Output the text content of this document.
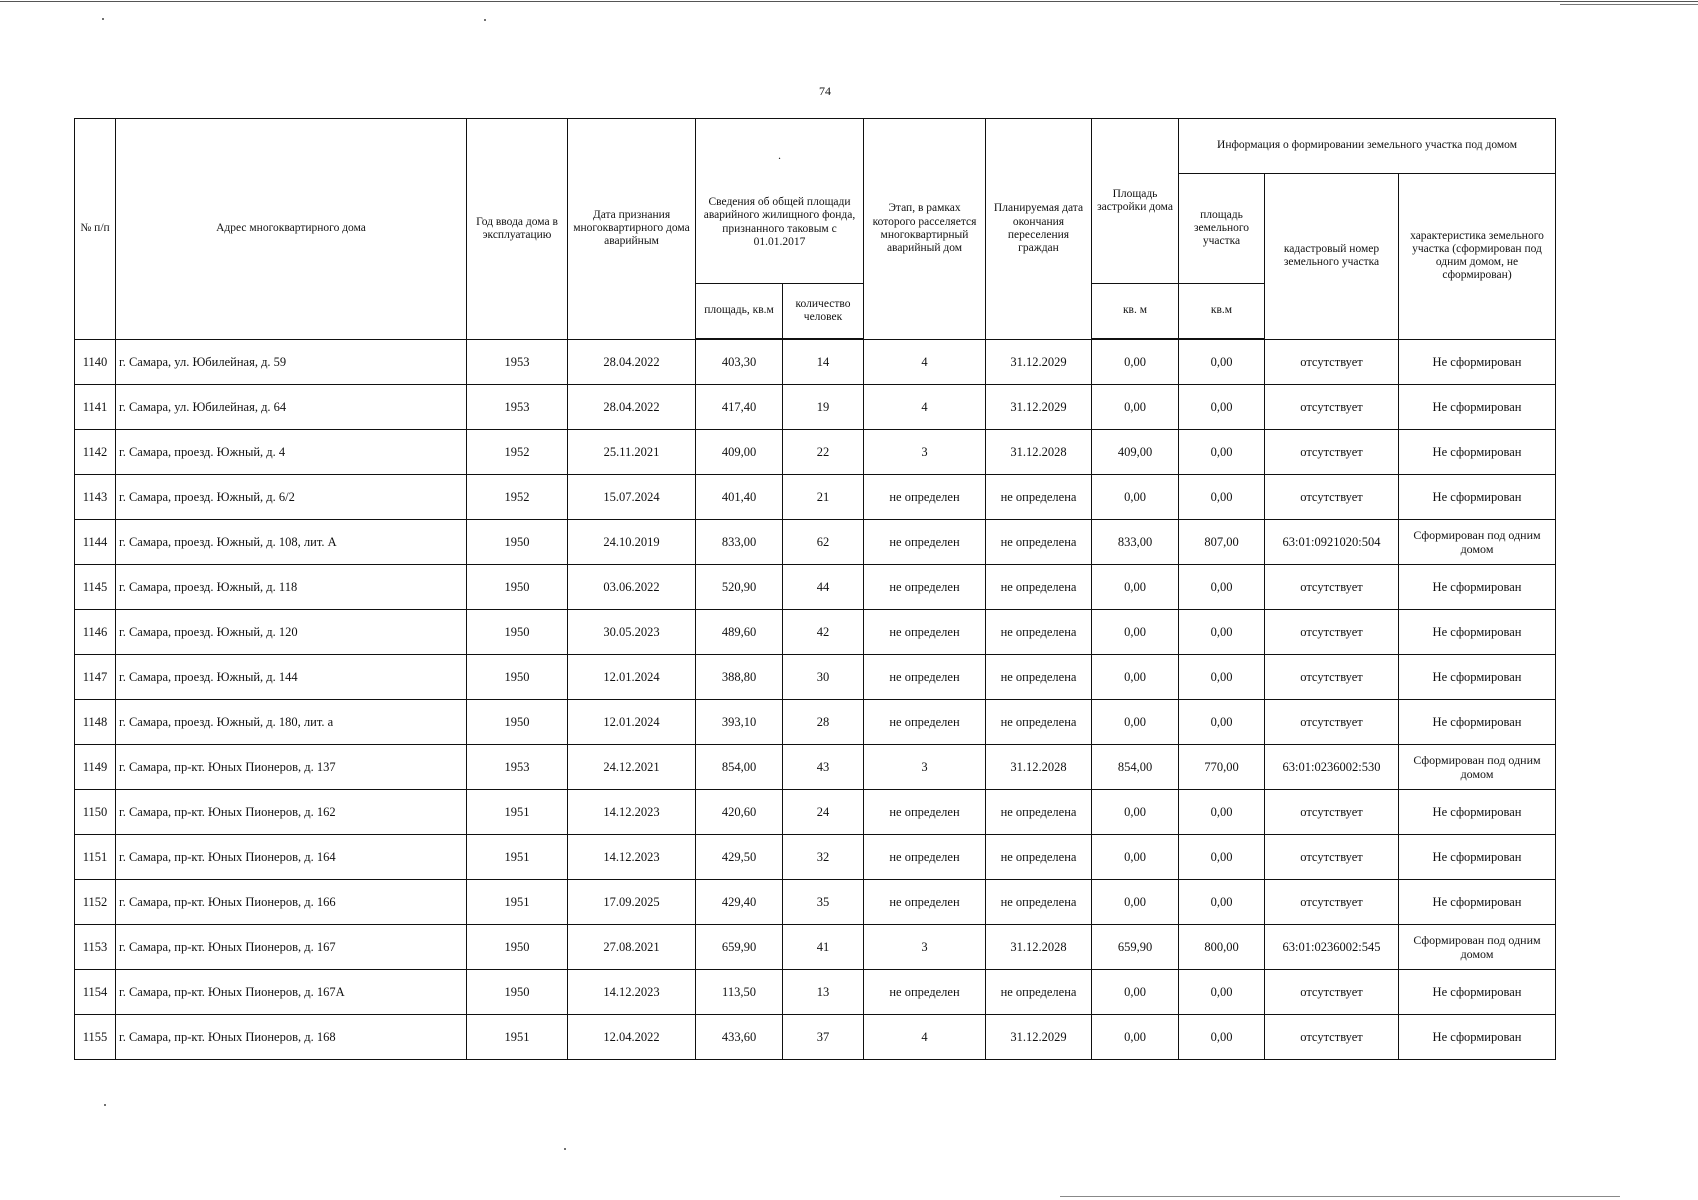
74
№ п/п	Адрес многоквартирного дома	Год ввода дома в эксплуатацию	Дата признания многоквартирного дома аварийным	·
Сведения об общей площади аварийного жилищного фонда, признанного таковым с 01.01.2017		Этап, в рамках которого расселяется многоквартирный аварийный дом	Планируемая дата окончания переселения граждан	Площадь застройки дома	Информация о формировании земельного участка под домом		
									площадь земельного участка	кадастровый номер земельного участка	характеристика земельного участка (сформирован под одним домом, не сформирован)
				площадь, кв.м	количество человек			кв. м	кв.м		
1140	г. Самара, ул. Юбилейная, д. 59	1953	28.04.2022	403,30	14	4	31.12.2029	0,00	0,00	отсутствует	Не сформирован
1141	г. Самара, ул. Юбилейная, д. 64	1953	28.04.2022	417,40	19	4	31.12.2029	0,00	0,00	отсутствует	Не сформирован
1142	г. Самара, проезд. Южный, д. 4	1952	25.11.2021	409,00	22	3	31.12.2028	409,00	0,00	отсутствует	Не сформирован
1143	г. Самара, проезд. Южный, д. 6/2	1952	15.07.2024	401,40	21	не определен	не определена	0,00	0,00	отсутствует	Не сформирован
1144	г. Самара, проезд. Южный, д. 108, лит. А	1950	24.10.2019	833,00	62	не определен	не определена	833,00	807,00	63:01:0921020:504	Сформирован под одним домом
1145	г. Самара, проезд. Южный, д. 118	1950	03.06.2022	520,90	44	не определен	не определена	0,00	0,00	отсутствует	Не сформирован
1146	г. Самара, проезд. Южный, д. 120	1950	30.05.2023	489,60	42	не определен	не определена	0,00	0,00	отсутствует	Не сформирован
1147	г. Самара, проезд. Южный, д. 144	1950	12.01.2024	388,80	30	не определен	не определена	0,00	0,00	отсутствует	Не сформирован
1148	г. Самара, проезд. Южный, д. 180, лит. а	1950	12.01.2024	393,10	28	не определен	не определена	0,00	0,00	отсутствует	Не сформирован
1149	г. Самара, пр-кт. Юных Пионеров, д. 137	1953	24.12.2021	854,00	43	3	31.12.2028	854,00	770,00	63:01:0236002:530	Сформирован под одним домом
1150	г. Самара, пр-кт. Юных Пионеров, д. 162	1951	14.12.2023	420,60	24	не определен	не определена	0,00	0,00	отсутствует	Не сформирован
1151	г. Самара, пр-кт. Юных Пионеров, д. 164	1951	14.12.2023	429,50	32	не определен	не определена	0,00	0,00	отсутствует	Не сформирован
1152	г. Самара, пр-кт. Юных Пионеров, д. 166	1951	17.09.2025	429,40	35	не определен	не определена	0,00	0,00	отсутствует	Не сформирован
1153	г. Самара, пр-кт. Юных Пионеров, д. 167	1950	27.08.2021	659,90	41	3	31.12.2028	659,90	800,00	63:01:0236002:545	Сформирован под одним домом
1154	г. Самара, пр-кт. Юных Пионеров, д. 167А	1950	14.12.2023	113,50	13	не определен	не определена	0,00	0,00	отсутствует	Не сформирован
1155	г. Самара, пр-кт. Юных Пионеров, д. 168	1951	12.04.2022	433,60	37	4	31.12.2029	0,00	0,00	отсутствует	Не сформирован
